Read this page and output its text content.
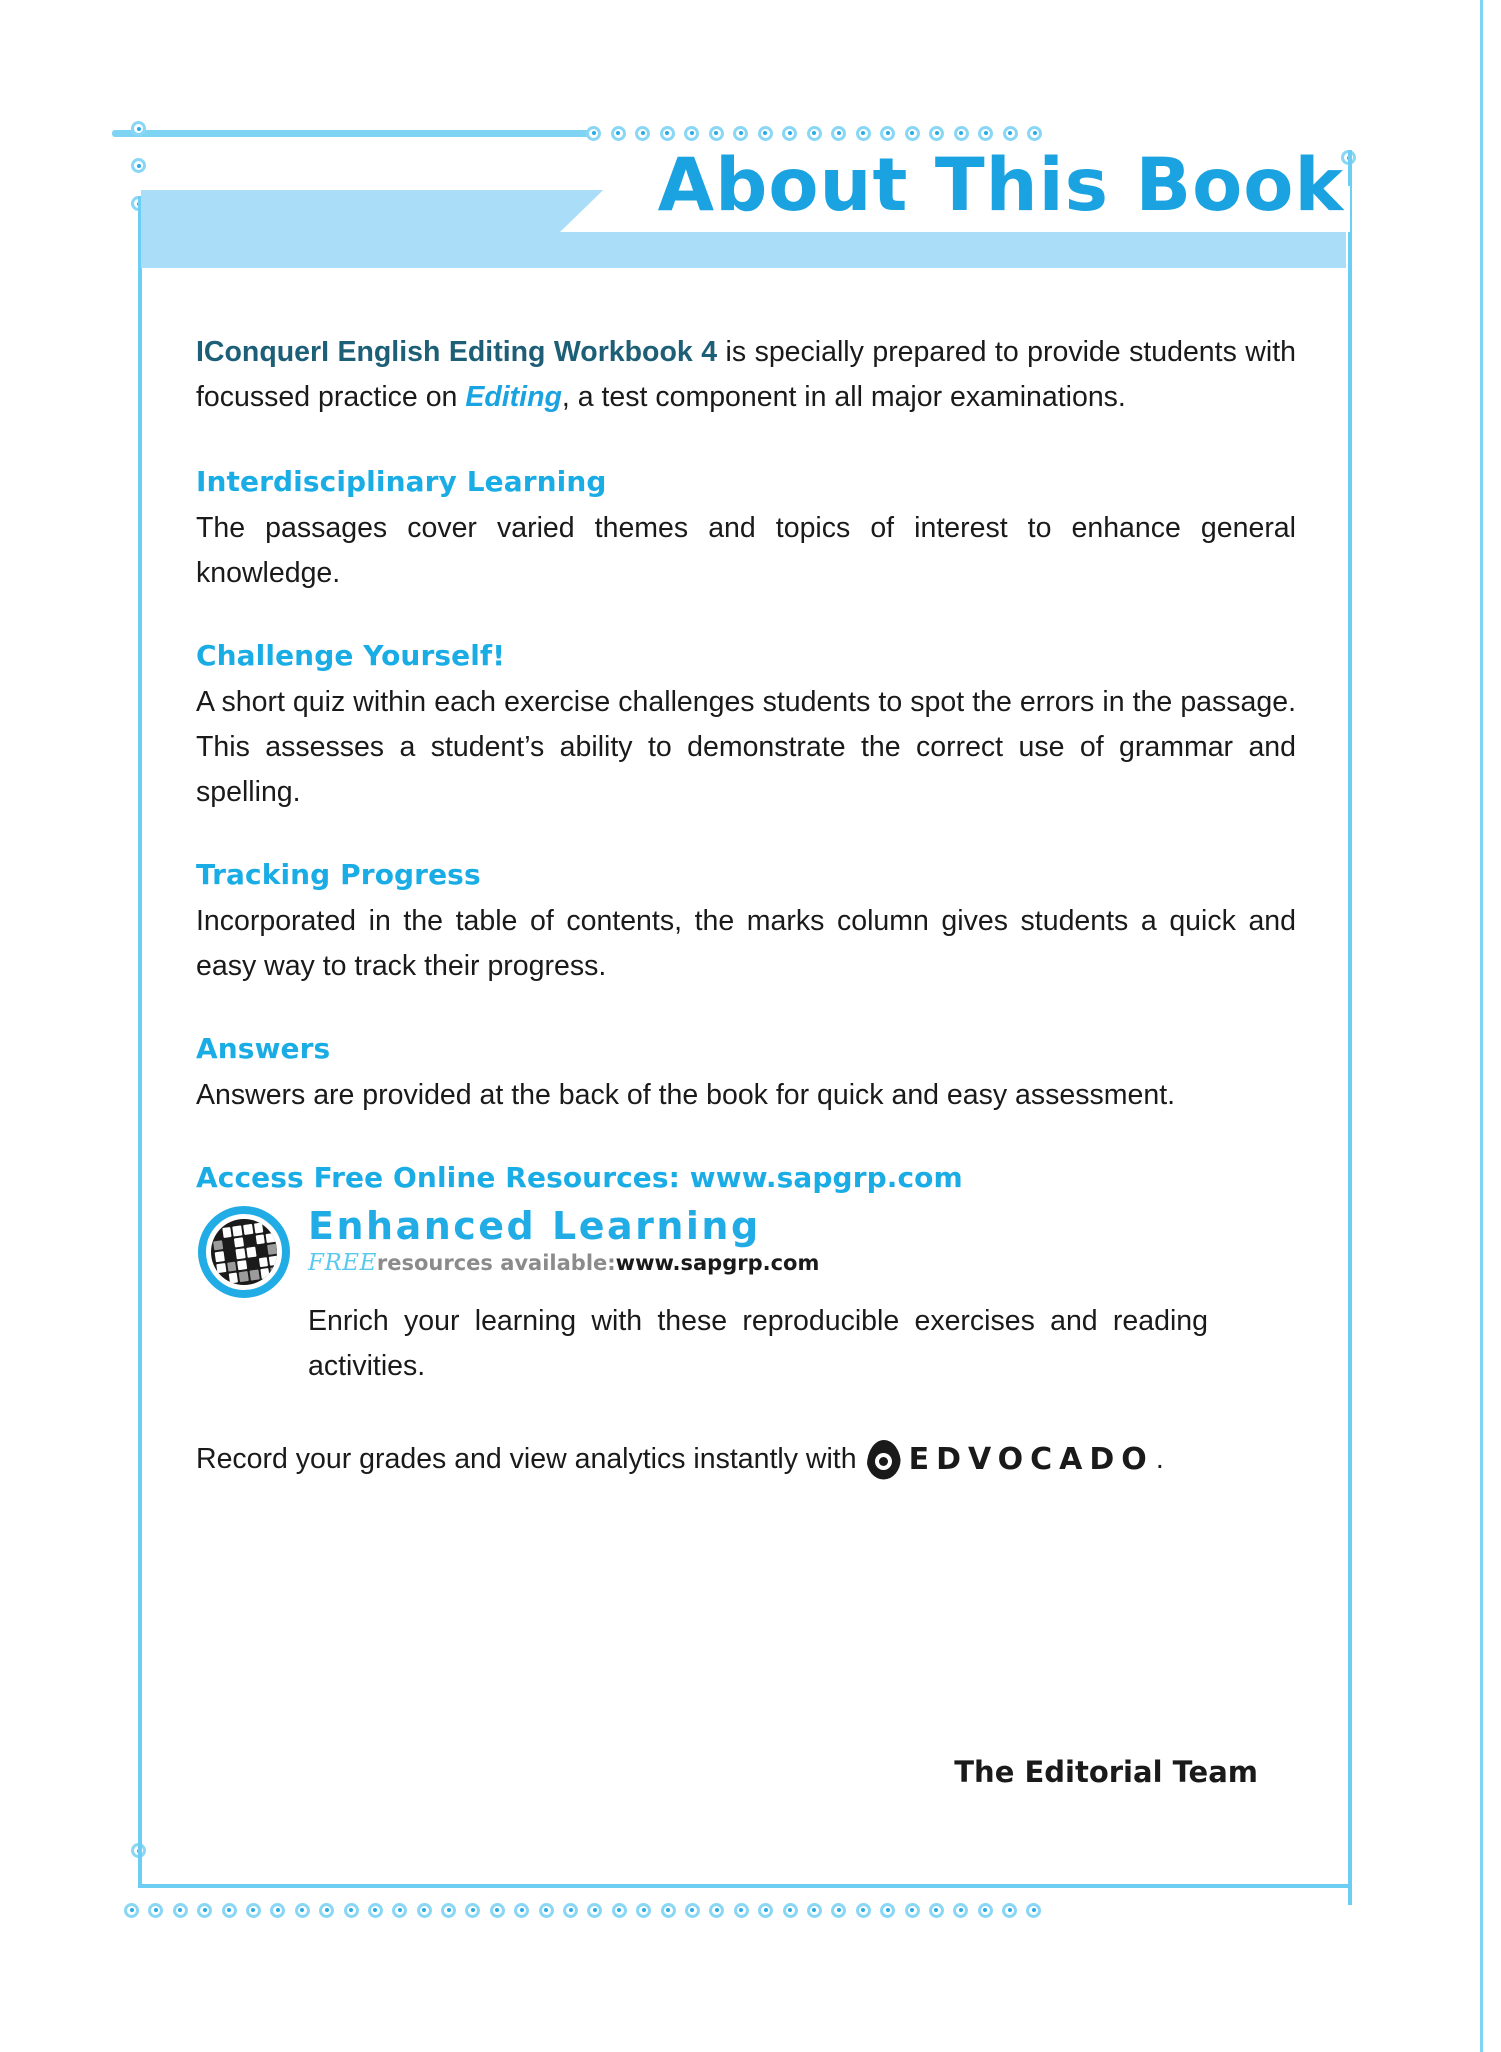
About This Book

IConquerI English Editing Workbook 4 is specially prepared to provide students with focussed practice on Editing, a test component in all major examinations.

Interdisciplinary Learning

The passages cover varied themes and topics of interest to enhance general knowledge.

Challenge Yourself!

A short quiz within each exercise challenges students to spot the errors in the passage. This assesses a student’s ability to demonstrate the correct use of grammar and spelling.

Tracking Progress

Incorporated in the table of contents, the marks column gives students a quick and easy way to track their progress.

Answers

Answers are provided at the back of the book for quick and easy assessment.

Access Free Online Resources: www.sapgrp.com
Enhanced Learning
FREEresources available:www.sapgrp.com

Enrich your learning with these reproducible exercises and reading activities.

Record your grades and view analytics instantly with EDVOCADO .
The Editorial Team
